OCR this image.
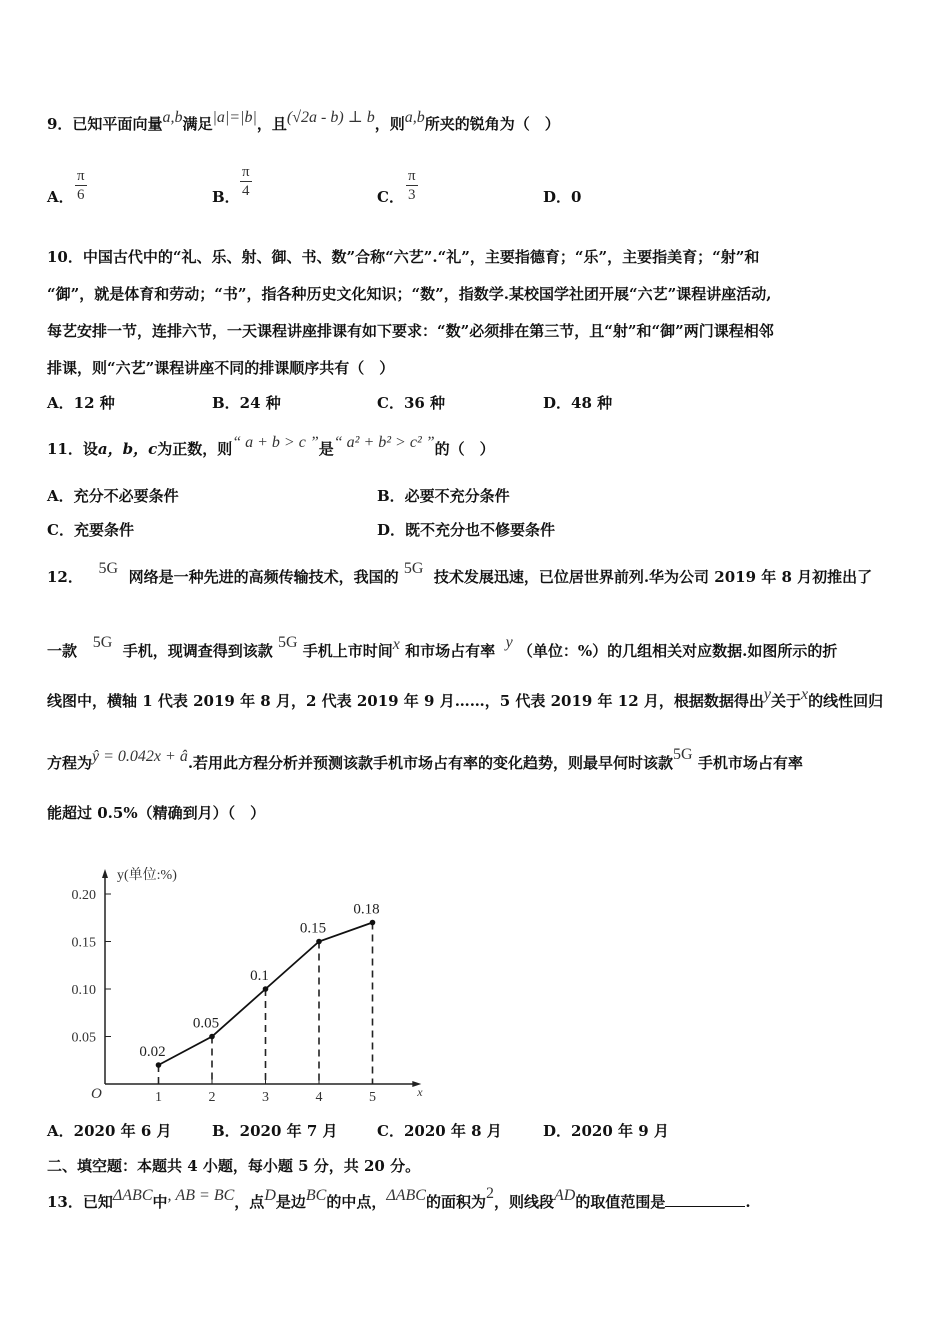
9．已知平面向量a,b满足|a|=|b|，且(√2a - b) ⊥ b，则a,b所夹的锐角为（　）
A． $\frac{\pi}{6}$	B． $\frac{\pi}{4}$	C． $\frac{\pi}{3}$	D．0
10．中国古代中的“礼、乐、射、御、书、数”合称“六艺”.“礼”，主要指德育；“乐”，主要指美育；“射”和
“御”，就是体育和劳动；“书”，指各种历史文化知识；“数”，指数学.某校国学社团开展“六艺”课程讲座活动,
每艺安排一节，连排六节，一天课程讲座排课有如下要求：“数”必须排在第三节，且“射”和“御”两门课程相邻
排课，则“六艺”课程讲座不同的排课顺序共有（　）
A．12 种	B．24 种	C．36 种	D．48 种
11．设a，b，c为正数，则“ a + b > c ”是“ a² + b² > c² ”的（　）
A．充分不必要条件	B．必要不充分条件
C．充要条件	D．既不充分也不修要条件
12． 5G 网络是一种先进的高频传输技术，我国的 5G 技术发展迅速，已位居世界前列.华为公司 2019 年 8 月初推出了
一款 5G 手机，现调查得到该款 5G 手机上市时间x 和市场占有率 y （单位：%）的几组相关对应数据.如图所示的折
线图中，横轴 1 代表 2019 年 8 月，2 代表 2019 年 9 月……，5 代表 2019 年 12 月，根据数据得出y关于x的线性回归
方程为ŷ = 0.042x + â.若用此方程分析并预测该款手机市场占有率的变化趋势，则最早何时该款5G 手机市场占有率
能超过 0.5%（精确到月）（　）
y(单位:%)
x
O
0.05
0.10
0.15
0.20
1	2	3	4	5
0.02
0.05
0.1
0.15
0.18
A．2020 年 6 月	B．2020 年 7 月	C．2020 年 8 月	D．2020 年 9 月
二、填空题：本题共 4 小题，每小题 5 分，共 20 分。
13．已知ΔABC中, AB = BC，点D是边BC的中点，ΔABC的面积为2，则线段AD的取值范围是	.
